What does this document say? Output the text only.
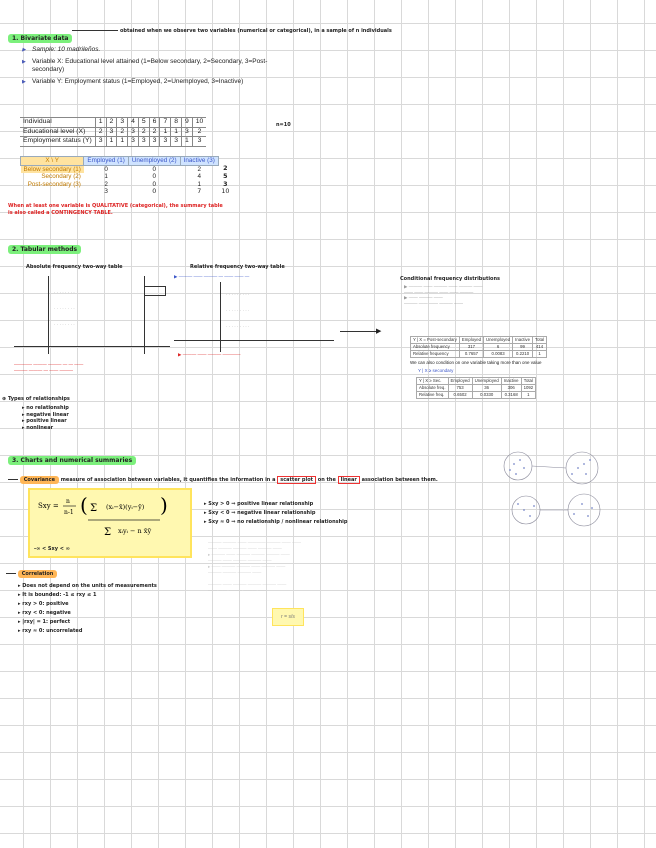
1. Bivariate data
obtained when we observe two variables (numerical or categorical), in a sample of n individuals
▶ Sample: 10 madrileños.
▶ Variable X: Educational level attained (1=Below secondary, 2=Secondary, 3=Post-secondary)
▶ Variable Y: Employment status (1=Employed, 2=Unemployed, 3=Inactive)
Individual	1	2	3	4	5	6	7	8	9	10
Educational level (X)	2	3	2	3	2	2	1	1	3	2
Employment status (Y)	3	1	1	3	3	3	3	3	1	3
n=10
X \ Y	Employed (1)	Unemployed (2)	Inactive (3)	
Below secondary (1)	0	0	2	2
Secondary (2)	1	0	4	5
Post-secondary (3)	2	0	1	3
	3	0	7	10
When at least one variable is QUALITATIVE (categorical), the summary table is also called a CONTINGENCY TABLE.
2. Tabular methods
Absolute frequency two-way table	Relative frequency two-way table
· · · · · · · ·
· · · · · · · ·
· · · · · · · ·
———— ——— ——— — — ——
——— ——— — —— ———
▶ ——— —— ——— — —— —— —
· · · · · · · · ·
· · · · · · · · ·
· · · · · · · · ·
▶ ——— —— ——— ————
▶
Conditional frequency distributions
▶ ——— —— ——— —— ——— ——
—— —— ——— —— —— ———
▶ —— ——— ——
——— —— —— ——— ——
Y | X = Post-secondary	Employed	Unemployed	Inactive	Total
Absolute frequency	317	6	99	414
Relative frequency	0.7657	0.0083	0.2210	1
We can also condition on one variable taking more than one value
Y | X ≥ secondary
Y | X ≥ Sec.	Employed	Unemployed	Inactive	Total
Absolute freq.	753	36	306	1092
Relative freq.	0.6502	0.0330	0.3168	1
⊕ Types of relationships
▸ no relationship
▸ negative linear
▸ positive linear
▸ nonlinear
3. Charts and numerical summaries
Covariance measure of association between variables, it quantifies the information in a scatter plot on the linear association between them.
Sxy =
n
n-1 ( Σ (xᵢ−x̄)(yᵢ−ȳ) )
Σ xᵢyᵢ − n x̄ȳ
▸ Sxy > 0 ⇒ positive linear relationship
▸ Sxy < 0 ⇒ negative linear relationship
▸ Sxy ≈ 0 ⇒ no relationship / nonlinear relationship
-∞ < Sxy < ∞
——— ——— —— ———— ——— —— ——
—— ——— ——— —— ——— ——
▸ ——— —— ——— ——— ——— ——
——— —— ——— ——— ——
▸ —— ——— ——— —— ——— ——
——— ——— ——— ——

——— —— ——— ——— ——— ——
—— —— ——— ——— ——
r = s/s
Correlation
▸ Does not depend on the units of measurements
▸ It is bounded: -1 ≤ rxy ≤ 1
▸ rxy > 0: positive
▸ rxy < 0: negative
▸ |rxy| = 1: perfect
▸ rxy ≈ 0: uncorrelated
